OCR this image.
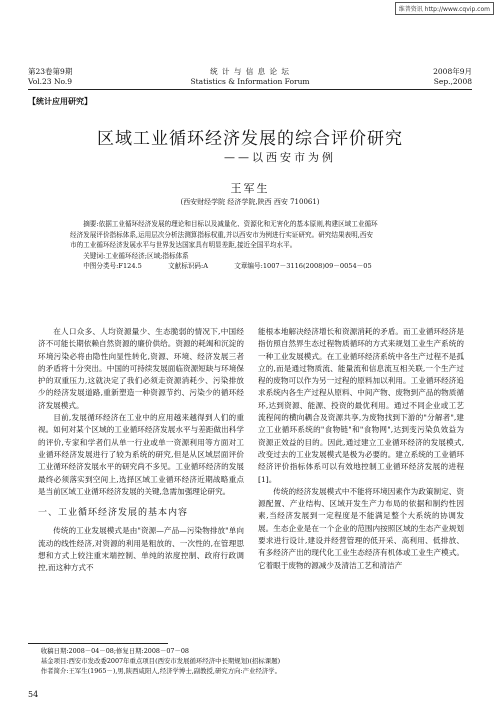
维普资讯 http://www.cqvip.com
第23卷第9期
Vol.23 No.9
统 计 与 信 息 论 坛
Statistics & Information Forum
2008年9月
Sep.,2008
【统计应用研究】
区域工业循环经济发展的综合评价研究
——以西安市为例
王军生
(西安财经学院 经济学院,陕西 西安 710061)
摘要:依据工业循环经济发展的理论和目标以及减量化、资源化和无害化的基本原则,构建区域工业循环
经济发展评价指标体系,运用层次分析法测算指标权重,并以西安市为例进行实证研究。研究结果表明,西安
市的工业循环经济发展水平与世界发达国家具有明显差距,接近全国平均水平。
关键词:工业循环经济;区域;指标体系
中图分类号:F124.5	文献标识码:A	文章编号:1007－3116(2008)09－0054－05

在人口众多、人均资源量少、生态脆弱的情况下,中国经济不可能长期依赖自然资源的廉价供给。资源的耗竭和沉淀的环境污染必将由隐性向显性转化,资源、环境、经济发展三者的矛盾将十分突出。中国的可持续发展面临资源短缺与环境保护的双重压力,这就决定了我们必须走资源消耗少、污染排放少的经济发展道路,重新塑造一种资源节约、污染少的循环经济发展模式。

目前,发展循环经济在工业中的应用越来越得到人们的重视。如何对某个区域的工业循环经济发展水平与差距做出科学的评价,专家和学者们从单一行业或单一资源利用等方面对工业循环经济发展进行了较为系统的研究,但是从区域层面评价工业循环经济发展水平的研究尚不多见。工业循环经济的发展最终必须落实到空间上,选择区域工业循环经济近期战略重点是当前区域工业循环经济发展的关键,急需加强理论研究。

一、工业循环经济发展的基本内容

传统的工业发展模式是由"资源—产品—污染物排放"单向流动的线性经济,对资源的利用是粗放的、一次性的,在管理思想和方式上较注重末端控制、单纯的浓度控制、政府行政调控,而这种方式不

能根本地解决经济增长和资源消耗的矛盾。而工业循环经济是指仿照自然界生态过程物质循环的方式来规划工业生产系统的一种工业发展模式。在工业循环经济系统中各生产过程不是孤立的,而是通过物质流、能量流和信息流互相关联,一个生产过程的废物可以作为另一过程的原料加以利用。工业循环经济追求系统内各生产过程从原料、中间产物、废物到产品的物质循环,达到资源、能源、投资的最优利用。通过不同企业或工艺流程间的横向耦合及资源共享,为废物找到下游的"分解者",建立工业循环系统的"食物链"和"食物网",达到变污染负效益为资源正效益的目的。因此,通过建立工业循环经济的发展模式,改变过去的工业发展模式是极为必要的。建立系统的工业循环经济评价指标体系可以有效地控制工业循环经济发展的进程[1]。

传统的经济发展模式中不能将环境因素作为政策制定、资源配置、产业结构、区域开发生产力布局的依据和制约性因素,当经济发展到一定程度是不能满足整个大系统的协调发展。生态企业是在一个企业的范围内按照区域的生态产业规划要求进行设计,建设并经营管理的低开采、高利用、低排放、有多经济产出的现代化工业生态经济有机体或工业生产模式。它着眼于废物的源减少及清洁工艺和清洁产

收稿日期:2008－04－08;修复日期:2008－07－08
基金项目:西安市发改委2007年重点项目(西安市发展循环经济中长期规划)(招标课题)
作者简介:王军生(1965－),男,陕西咸阳人,经济学博士,副教授,研究方向:产业经济学。
54
